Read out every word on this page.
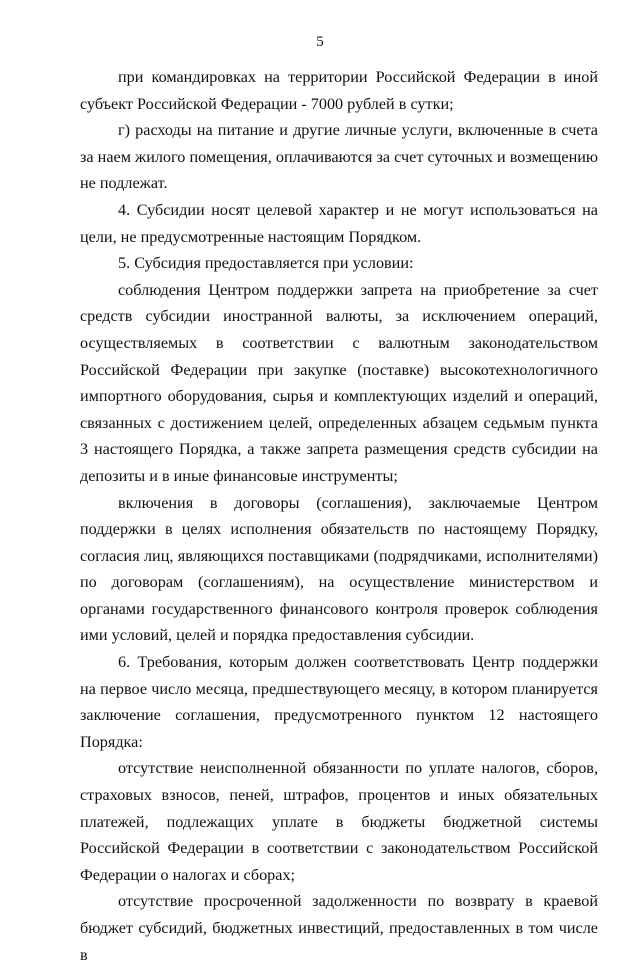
5

при командировках на территории Российской Федерации в иной субъект Российской Федерации - 7000 рублей в сутки;

г) расходы на питание и другие личные услуги, включенные в счета за наем жилого помещения, оплачиваются за счет суточных и возмещению не подлежат.

4. Субсидии носят целевой характер и не могут использоваться на цели, не предусмотренные настоящим Порядком.

5. Субсидия предоставляется при условии:

соблюдения Центром поддержки запрета на приобретение за счет средств субсидии иностранной валюты, за исключением операций, осуществляемых в соответствии с валютным законодательством Российской Федерации при закупке (поставке) высокотехнологичного импортного оборудования, сырья и комплектующих изделий и операций, связанных с достижением целей, определенных абзацем седьмым пункта 3 настоящего Порядка, а также запрета размещения средств субсидии на депозиты и в иные финансовые инструменты;

включения в договоры (соглашения), заключаемые Центром поддержки в целях исполнения обязательств по настоящему Порядку, согласия лиц, являющихся поставщиками (подрядчиками, исполнителями) по договорам (соглашениям), на осуществление министерством и органами государственного финансового контроля проверок соблюдения ими условий, целей и порядка предоставления субсидии.

6. Требования, которым должен соответствовать Центр поддержки на первое число месяца, предшествующего месяцу, в котором планируется заключение соглашения, предусмотренного пунктом 12 настоящего Порядка:

отсутствие неисполненной обязанности по уплате налогов, сборов, страховых взносов, пеней, штрафов, процентов и иных обязательных платежей, подлежащих уплате в бюджеты бюджетной системы Российской Федерации в соответствии с законодательством Российской Федерации о налогах и сборах;

отсутствие просроченной задолженности по возврату в краевой бюджет субсидий, бюджетных инвестиций, предоставленных в том числе в
